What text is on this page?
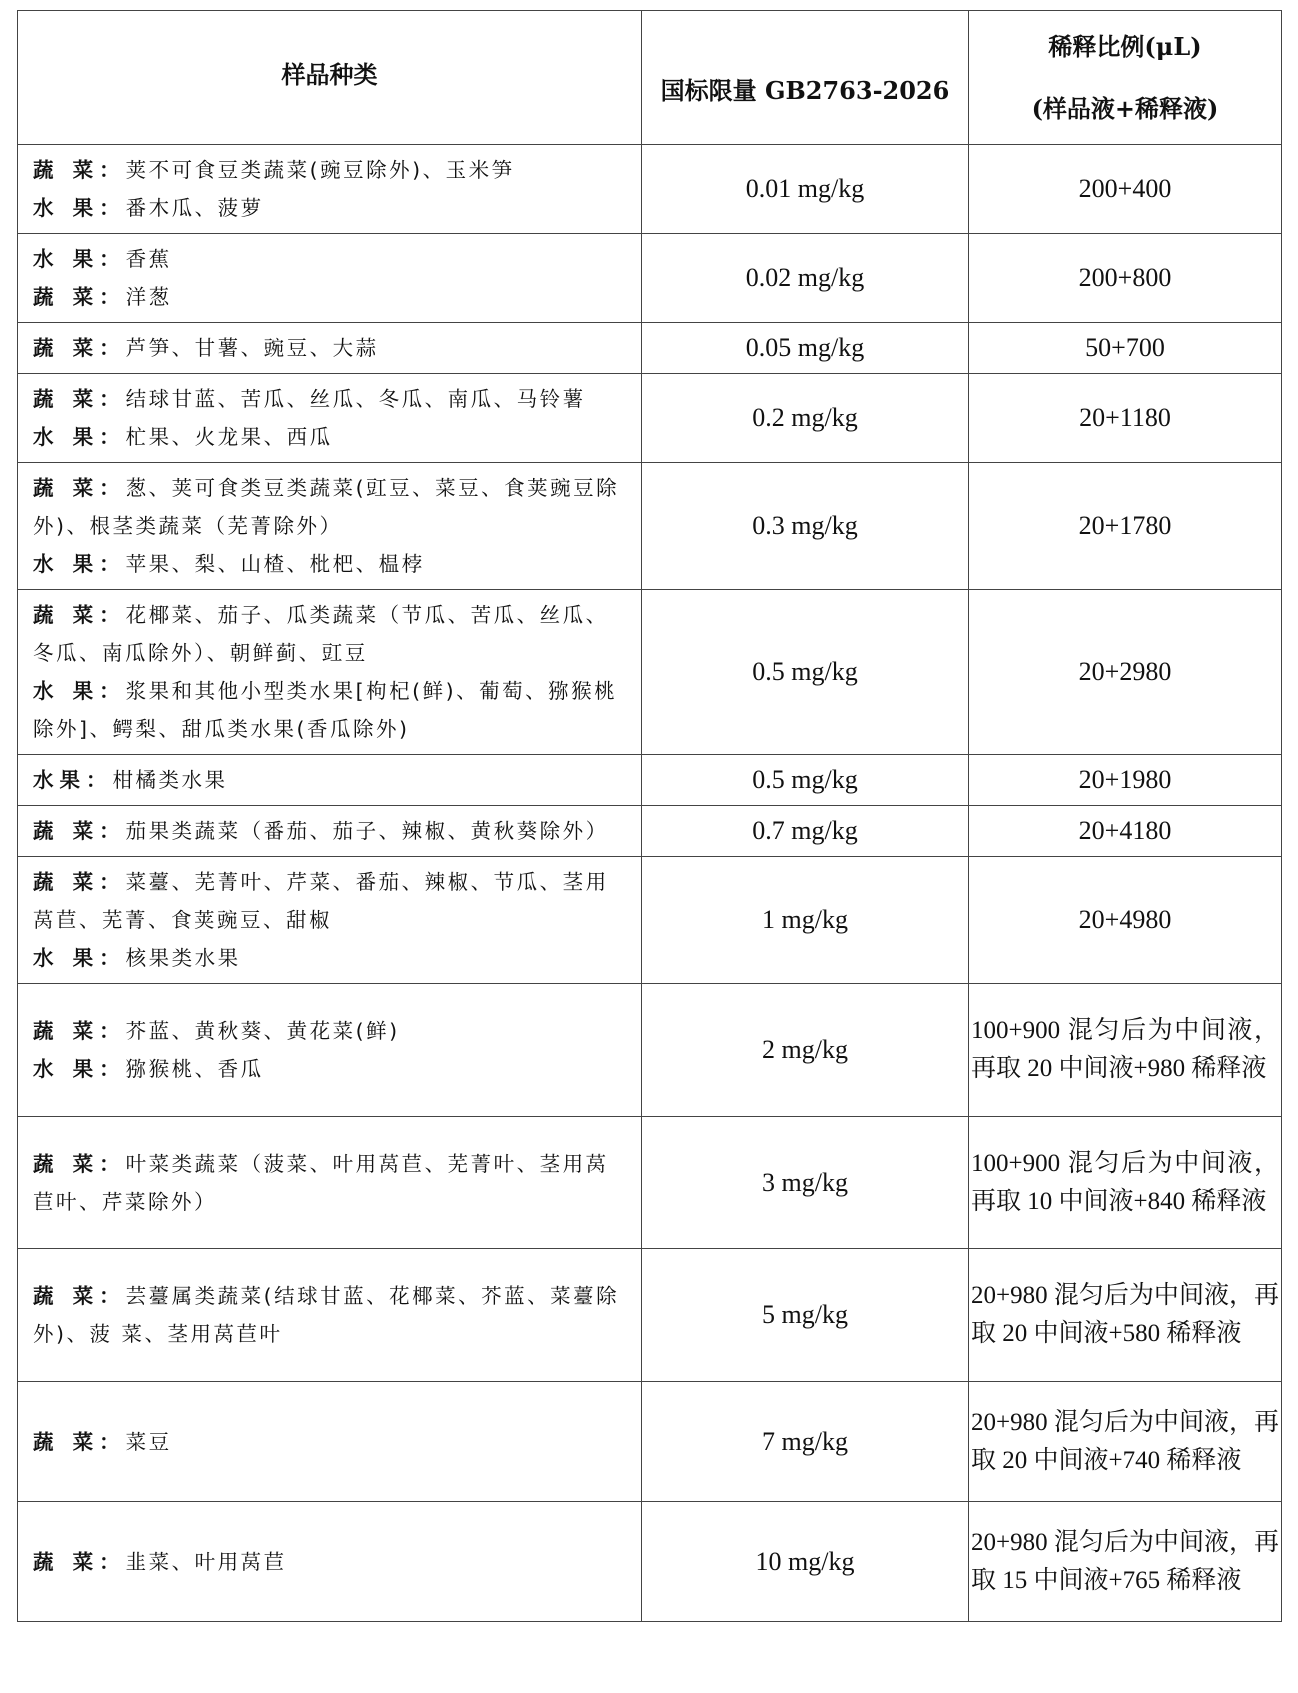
样品种类	国标限量 GB2763-2026	稀释比例(μL)
(样品液+稀释液)

蔬 菜：荚不可食豆类蔬菜(豌豆除外)、玉米笋
水 果：番木瓜、菠萝	0.01 mg/kg	200+400

水 果：香蕉
蔬 菜：洋葱	0.02 mg/kg	200+800

蔬 菜：芦笋、甘薯、豌豆、大蒜	0.05 mg/kg	50+700

蔬 菜：结球甘蓝、苦瓜、丝瓜、冬瓜、南瓜、马铃薯
水 果：杧果、火龙果、西瓜	0.2 mg/kg	20+1180

蔬 菜：葱、荚可食类豆类蔬菜(豇豆、菜豆、食荚豌豆除外)、根茎类蔬菜（芜菁除外）
水 果：苹果、梨、山楂、枇杷、榅桲	0.3 mg/kg	20+1780

蔬 菜：花椰菜、茄子、瓜类蔬菜（节瓜、苦瓜、丝瓜、冬瓜、南瓜除外）、朝鲜蓟、豇豆
水 果：浆果和其他小型类水果[枸杞(鲜)、葡萄、猕猴桃除外]、鳄梨、甜瓜类水果(香瓜除外)	0.5 mg/kg	20+2980

水果：柑橘类水果	0.5 mg/kg	20+1980

蔬 菜：茄果类蔬菜（番茄、茄子、辣椒、黄秋葵除外）	0.7 mg/kg	20+4180

蔬 菜：菜薹、芜菁叶、芹菜、番茄、辣椒、节瓜、茎用莴苣、芜菁、食荚豌豆、甜椒
水 果：核果类水果	1 mg/kg	20+4980

蔬 菜：芥蓝、黄秋葵、黄花菜(鲜)
水 果：猕猴桃、香瓜	2 mg/kg	100+900 混匀后为中间液，再取 20 中间液+980 稀释液

蔬 菜：叶菜类蔬菜（菠菜、叶用莴苣、芜菁叶、茎用莴苣叶、芹菜除外）	3 mg/kg	100+900 混匀后为中间液，再取 10 中间液+840 稀释液

蔬 菜：芸薹属类蔬菜(结球甘蓝、花椰菜、芥蓝、菜薹除外)、菠 菜、茎用莴苣叶	5 mg/kg	20+980 混匀后为中间液，再取 20 中间液+580 稀释液

蔬 菜：菜豆	7 mg/kg	20+980 混匀后为中间液，再取 20 中间液+740 稀释液

蔬 菜：韭菜、叶用莴苣	10 mg/kg	20+980 混匀后为中间液，再取 15 中间液+765 稀释液
